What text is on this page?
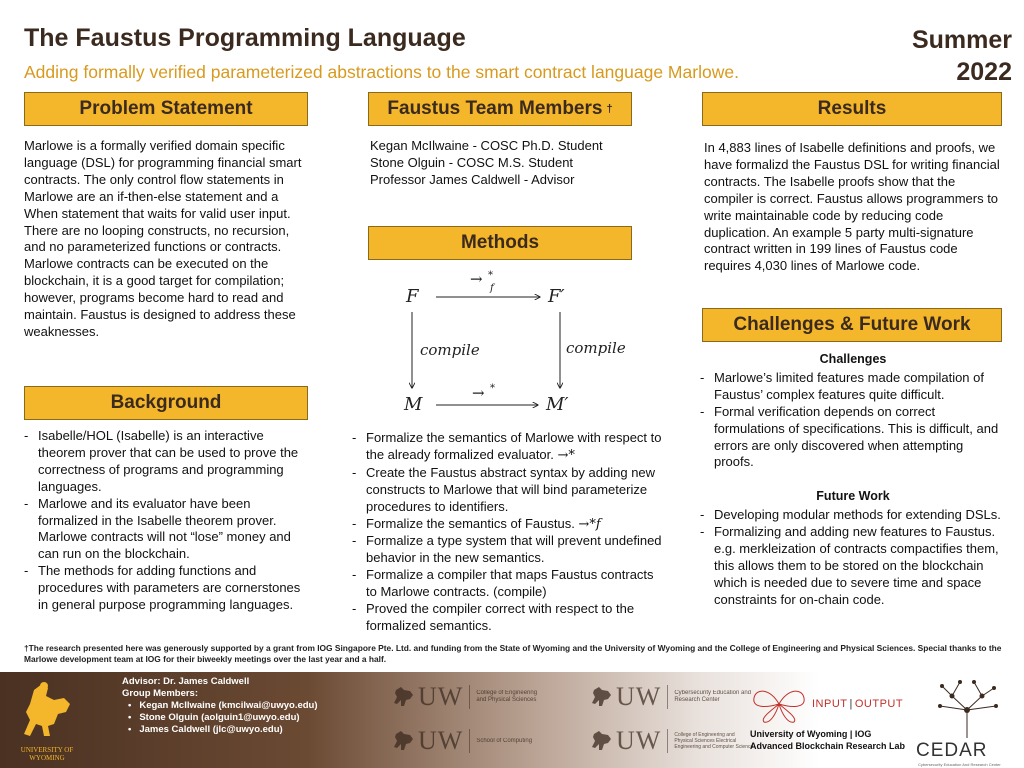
The Faustus Programming Language
Adding formally verified parameterized abstractions to the smart contract language Marlowe.
Summer
2022
Problem Statement
Marlowe is a formally verified domain specific language (DSL) for programming financial smart contracts. The only control flow statements in Marlowe are an if-then-else statement and a When statement that waits for valid user input. There are no looping constructs, no recursion, and no parameterized functions or contracts. Marlowe contracts can be executed on the blockchain, it is a good target for compilation; however, programs become hard to read and maintain. Faustus is designed to address these weaknesses.
Background
- Isabelle/HOL (Isabelle) is an interactive theorem prover that can be used to prove the correctness of programs and programming languages.
- Marlowe and its evaluator have been formalized in the Isabelle theorem prover. Marlowe contracts will not “lose” money and can run on the blockchain.
- The methods for adding functions and procedures with parameters are cornerstones in general purpose programming languages.
Faustus Team Members †
Kegan McIlwaine - COSC Ph.D. Student
Stone Olguin - COSC M.S. Student
Professor James Caldwell - Advisor
Methods
F	F′
M	M′
→ *
f
→ *
compile	compile
- Formalize the semantics of Marlowe with respect to the already formalized evaluator. →*
- Create the Faustus abstract syntax by adding new constructs to Marlowe that will bind parameterize procedures to identifiers.
- Formalize the semantics of Faustus. →*f
- Formalize a type system that will prevent undefined behavior in the new semantics.
- Formalize a compiler that maps Faustus contracts to Marlowe contracts. (compile)
- Proved the compiler correct with respect to the formalized semantics.
Results
In 4,883 lines of Isabelle definitions and proofs, we have formalizd the Faustus DSL for writing financial contracts. The Isabelle proofs show that the compiler is correct. Faustus allows programmers to write maintainable code by reducing code duplication. An example 5 party multi-signature contract written in 199 lines of Faustus code requires 4,030 lines of Marlowe code.
Challenges & Future Work
Challenges
- Marlowe’s limited features made compilation of Faustus’ complex features quite difficult.
- Formal verification depends on correct formulations of specifications. This is difficult, and errors are only discovered when attempting proofs.
Future Work
- Developing modular methods for extending DSLs.
- Formalizing and adding new features to Faustus. e.g. merkleization of contracts compactifies them, this allows them to be stored on the blockchain which is needed due to severe time and space constraints for on-chain code.
†The research presented here was generously supported by a grant from IOG Singapore Pte. Ltd. and funding from the State of Wyoming and the University of Wyoming and the College of Engineering and Physical Sciences. Special thanks to the Marlowe development team at IOG for their biweekly meetings over the last year and a half.
UNIVERSITY OF WYOMING
Advisor: Dr. James Caldwell
Group Members:
• Kegan McIlwaine (kmcilwai@uwyo.edu)
• Stone Olguin (aolguin1@uwyo.edu)
• James Caldwell (jlc@uwyo.edu)
UW College of Engineering and Physical Sciences	UW Cybersecurity Education and Research Center
UW School of Computing	UW	College of Engineering and Physical Sciences Electrical Engineering and Computer Science
INPUT | OUTPUT
University of Wyoming | IOG
Advanced Blockchain Research Lab CEDAR
Cybersecurity Education And Research Center
